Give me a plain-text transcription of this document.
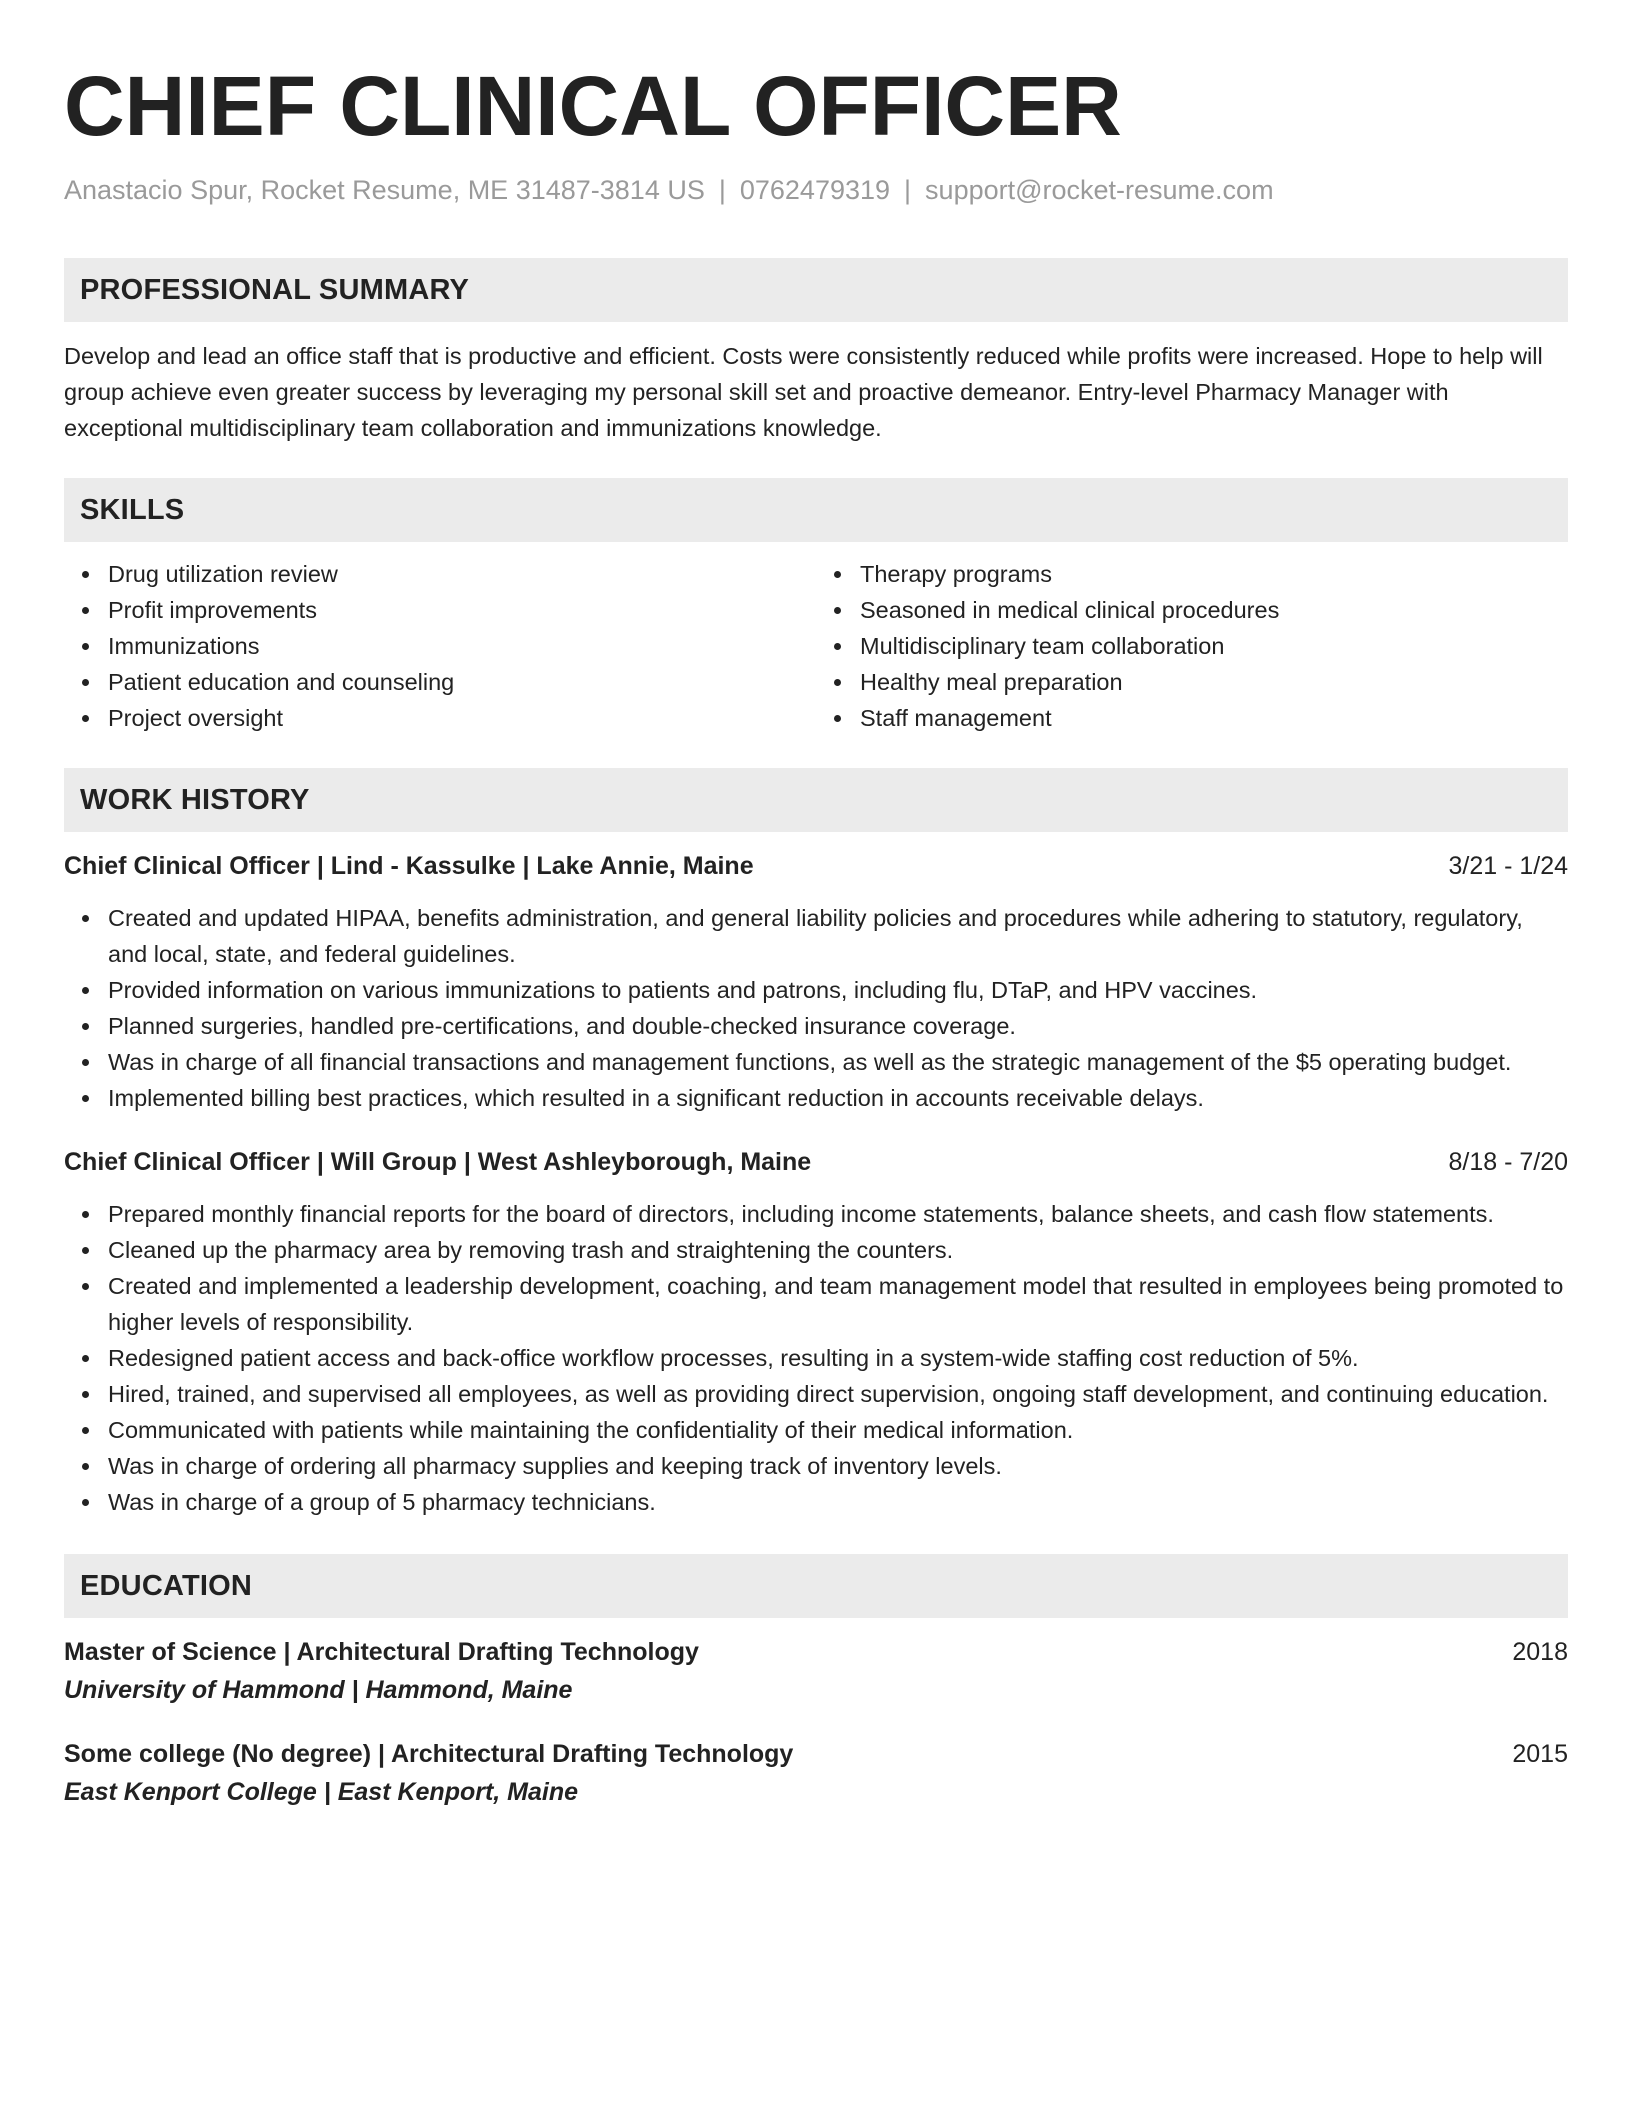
CHIEF CLINICAL OFFICER
Anastacio Spur, Rocket Resume, ME 31487-3814 US | 0762479319 | support@rocket-resume.com
PROFESSIONAL SUMMARY

Develop and lead an office staff that is productive and efficient. Costs were consistently reduced while profits were increased. Hope to help will group achieve even greater success by leveraging my personal skill set and proactive demeanor. Entry-level Pharmacy Manager with exceptional multidisciplinary team collaboration and immunizations knowledge.

SKILLS
Drug utilization review
Profit improvements
Immunizations
Patient education and counseling
Project oversight
Therapy programs
Seasoned in medical clinical procedures
Multidisciplinary team collaboration
Healthy meal preparation
Staff management
WORK HISTORY
Chief Clinical Officer | Lind - Kassulke | Lake Annie, Maine	3/21 - 1/24
Created and updated HIPAA, benefits administration, and general liability policies and procedures while adhering to statutory, regulatory, and local, state, and federal guidelines.
Provided information on various immunizations to patients and patrons, including flu, DTaP, and HPV vaccines.
Planned surgeries, handled pre-certifications, and double-checked insurance coverage.
Was in charge of all financial transactions and management functions, as well as the strategic management of the $5 operating budget.
Implemented billing best practices, which resulted in a significant reduction in accounts receivable delays.
Chief Clinical Officer | Will Group | West Ashleyborough, Maine	8/18 - 7/20
Prepared monthly financial reports for the board of directors, including income statements, balance sheets, and cash flow statements.
Cleaned up the pharmacy area by removing trash and straightening the counters.
Created and implemented a leadership development, coaching, and team management model that resulted in employees being promoted to higher levels of responsibility.
Redesigned patient access and back-office workflow processes, resulting in a system-wide staffing cost reduction of 5%.
Hired, trained, and supervised all employees, as well as providing direct supervision, ongoing staff development, and continuing education.
Communicated with patients while maintaining the confidentiality of their medical information.
Was in charge of ordering all pharmacy supplies and keeping track of inventory levels.
Was in charge of a group of 5 pharmacy technicians.
EDUCATION
Master of Science | Architectural Drafting Technology	2018
University of Hammond | Hammond, Maine
Some college (No degree) | Architectural Drafting Technology	2015
East Kenport College | East Kenport, Maine
